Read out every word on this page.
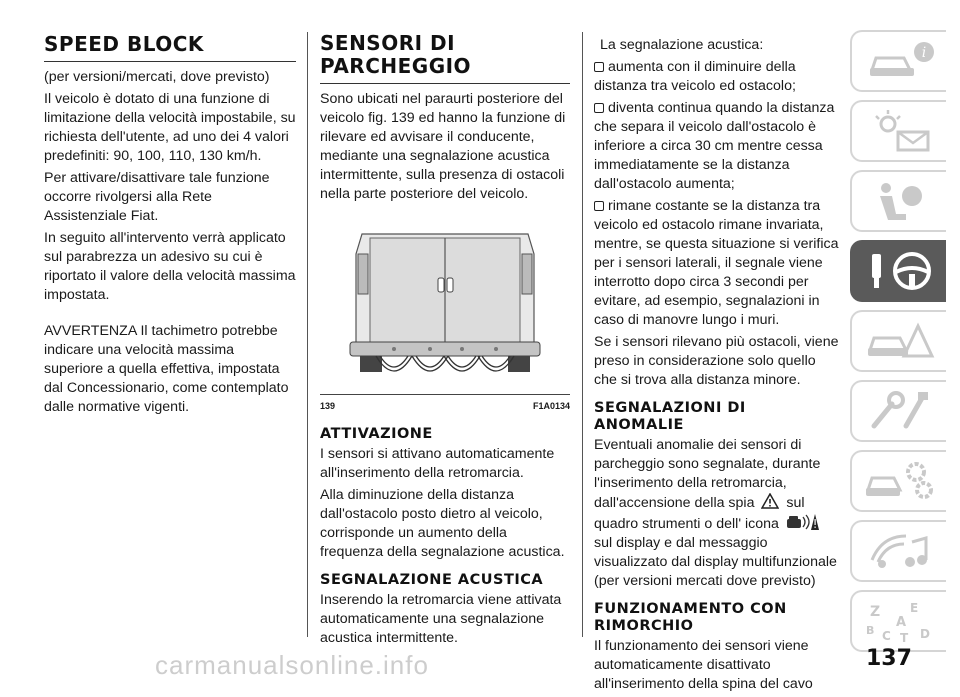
SPEED BLOCK

(per versioni/mercati, dove previsto)

Il veicolo è dotato di una funzione di limitazione della velocità impostabile, su richiesta dell'utente, ad uno dei 4 valori predefiniti: 90, 100, 110, 130 km/h.

Per attivare/disattivare tale funzione occorre rivolgersi alla Rete Assistenziale Fiat.

In seguito all'intervento verrà applicato sul parabrezza un adesivo su cui è riportato il valore della velocità massima impostata.

AVVERTENZA Il tachimetro potrebbe indicare una velocità massima superiore a quella effettiva, impostata dal Concessionario, come contemplato dalle normative vigenti.

SENSORI DI PARCHEGGIO

Sono ubicati nel paraurti posteriore del veicolo fig. 139 ed hanno la funzione di rilevare ed avvisare il conducente, mediante una segnalazione acustica intermittente, sulla presenza di ostacoli nella parte posteriore del veicolo.

139	F1A0134
ATTIVAZIONE

I sensori si attivano automaticamente all'inserimento della retromarcia.

Alla diminuzione della distanza dall'ostacolo posto dietro al veicolo, corrisponde un aumento della frequenza della segnalazione acustica.

SEGNALAZIONE ACUSTICA

Inserendo la retromarcia viene attivata automaticamente una segnalazione acustica intermittente.

La segnalazione acustica:

aumenta con il diminuire della distanza tra veicolo ed ostacolo;

diventa continua quando la distanza che separa il veicolo dall'ostacolo è inferiore a circa 30 cm mentre cessa immediatamente se la distanza dall'ostacolo aumenta;

rimane costante se la distanza tra veicolo ed ostacolo rimane invariata, mentre, se questa situazione si verifica per i sensori laterali, il segnale viene interrotto dopo circa 3 secondi per evitare, ad esempio, segnalazioni in caso di manovre lungo i muri.

Se i sensori rilevano più ostacoli, viene preso in considerazione solo quello che si trova alla distanza minore.

SEGNALAZIONI DI ANOMALIE

Eventuali anomalie dei sensori di parcheggio sono segnalate, durante l'inserimento della retromarcia, dall'accensione della spia sul quadro strumenti o dell' icona  sul display e dal messaggio visualizzato dal display multifunzionale (per versioni mercati dove previsto)

FUNZIONAMENTO CON RIMORCHIO

Il funzionamento dei sensori viene automaticamente disattivato all'inserimento della spina del cavo

i
Z E
A
B C T D
carmanualsonline.info	137
